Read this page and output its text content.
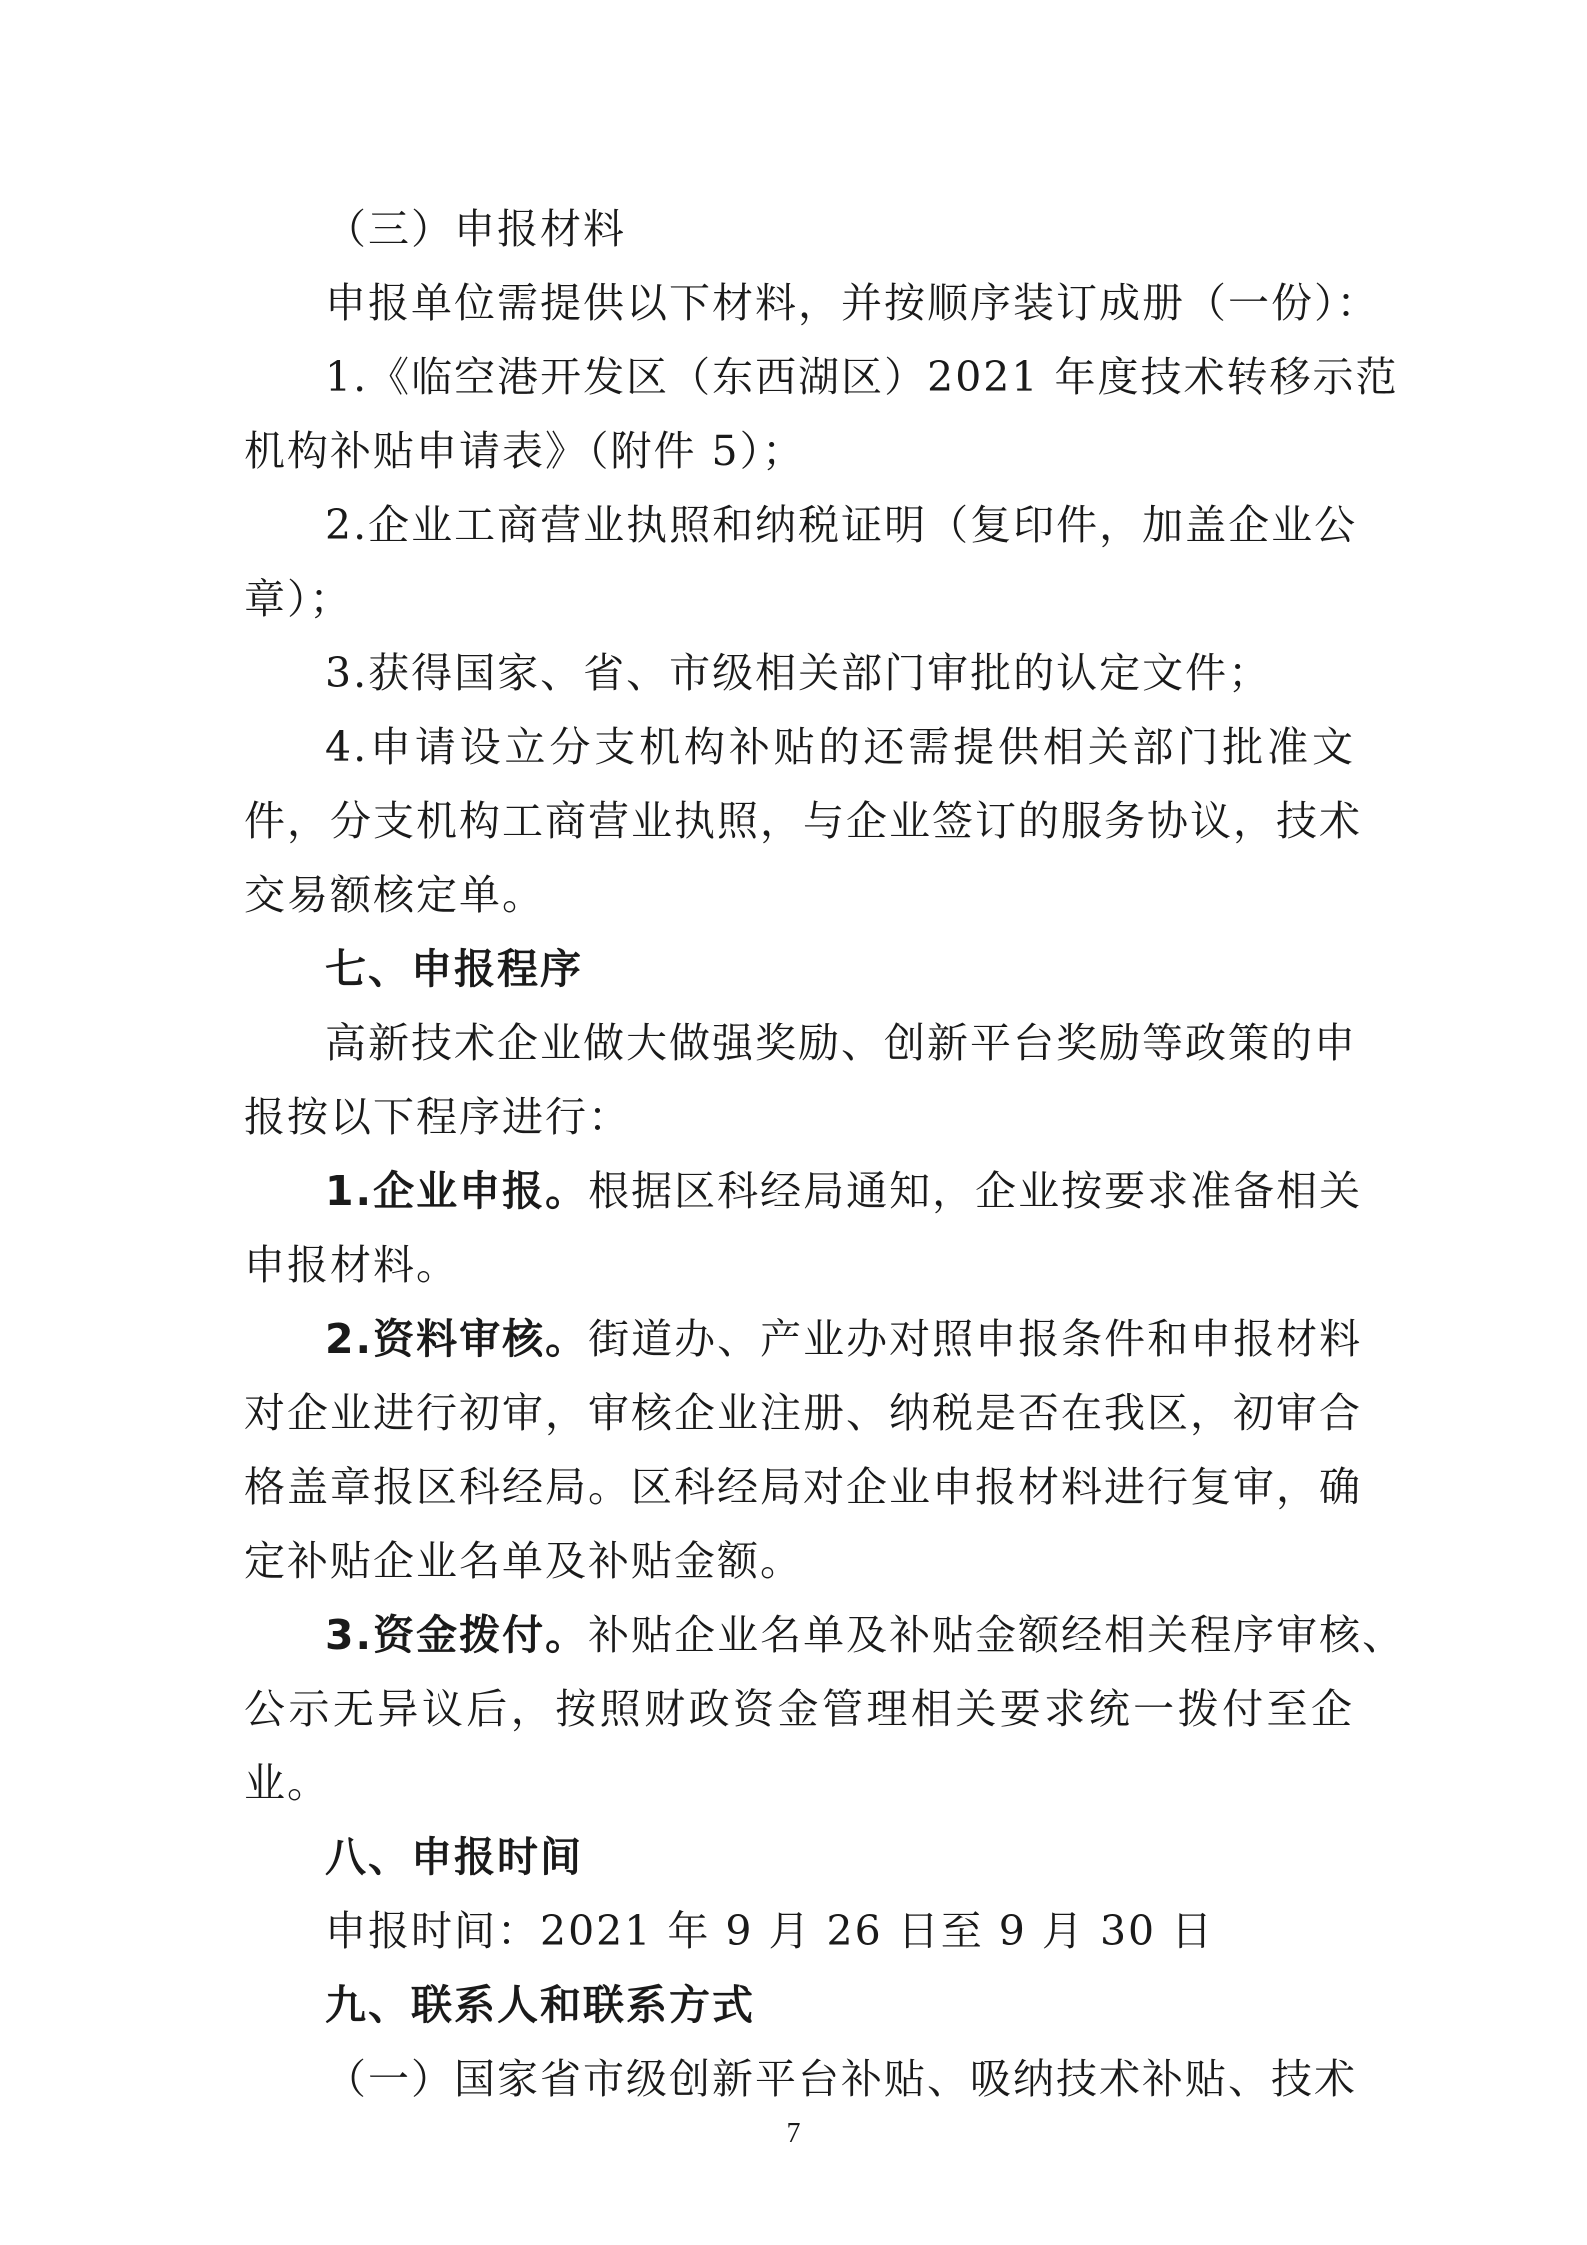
（三）申报材料
申报单位需提供以下材料，并按顺序装订成册（一份）：
1.《临空港开发区（东西湖区）2021 年度技术转移示范
机构补贴申请表》（附件 5）；
2.企业工商营业执照和纳税证明（复印件，加盖企业公
章）；
3.获得国家、省、市级相关部门审批的认定文件；
4.申请设立分支机构补贴的还需提供相关部门批准文
件，分支机构工商营业执照，与企业签订的服务协议，技术
交易额核定单。
七、申报程序
高新技术企业做大做强奖励、创新平台奖励等政策的申
报按以下程序进行：
1.企业申报。根据区科经局通知，企业按要求准备相关
申报材料。
2.资料审核。街道办、产业办对照申报条件和申报材料
对企业进行初审，审核企业注册、纳税是否在我区，初审合
格盖章报区科经局。区科经局对企业申报材料进行复审，确
定补贴企业名单及补贴金额。
3.资金拨付。补贴企业名单及补贴金额经相关程序审核、
公示无异议后，按照财政资金管理相关要求统一拨付至企
业。
八、申报时间
申报时间：2021 年 9 月 26 日至 9 月 30 日
九、联系人和联系方式
（一）国家省市级创新平台补贴、吸纳技术补贴、技术
7
